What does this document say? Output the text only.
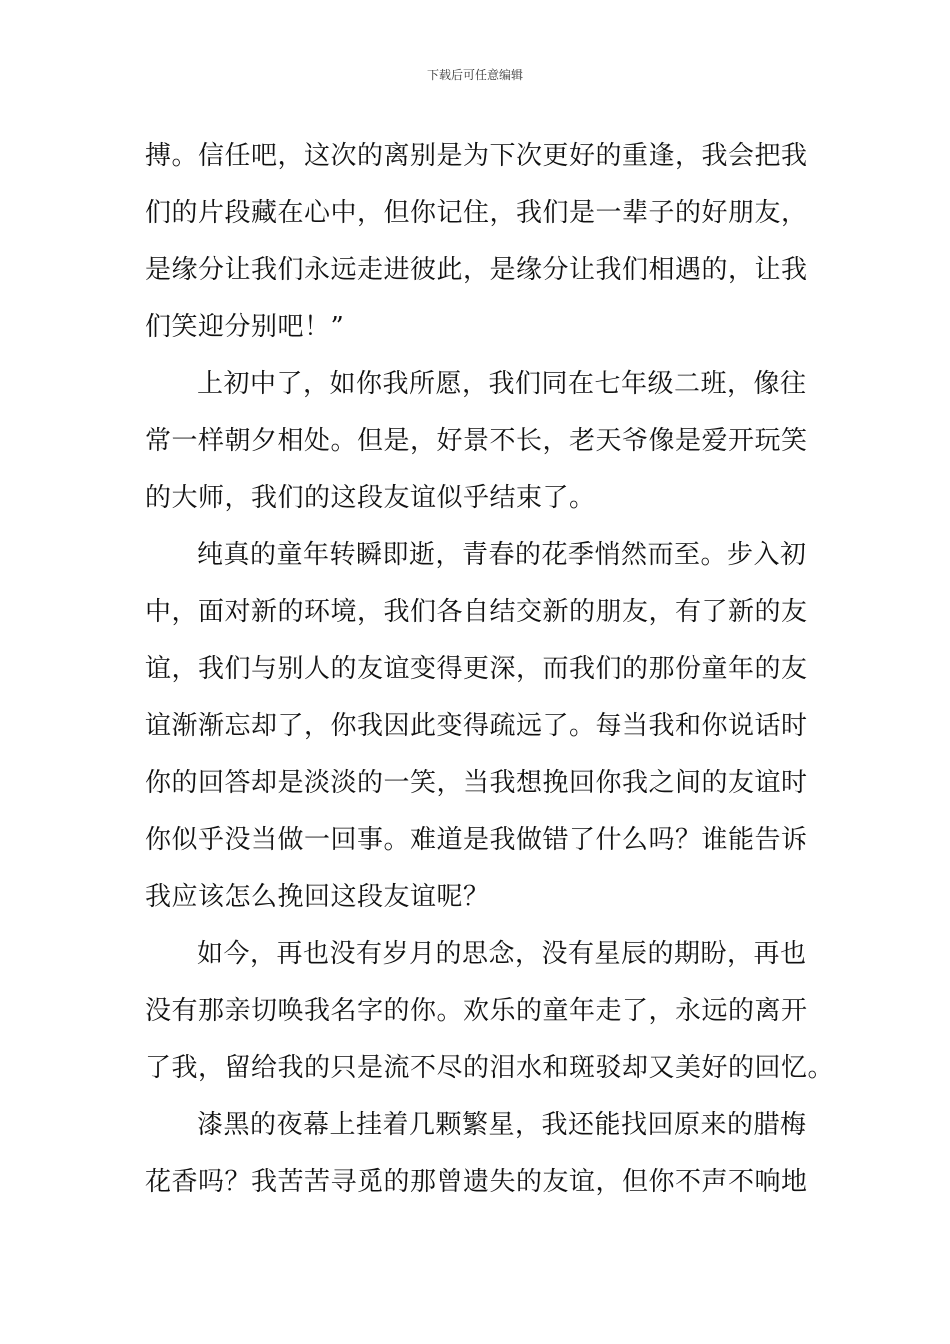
下载后可任意编辑
搏。信任吧，这次的离别是为下次更好的重逢，我会把我
们的片段藏在心中，但你记住，我们是一辈子的好朋友，
是缘分让我们永远走进彼此，是缘分让我们相遇的，让我
们笑迎分别吧！”
上初中了，如你我所愿，我们同在七年级二班，像往
常一样朝夕相处。但是，好景不长，老天爷像是爱开玩笑
的大师，我们的这段友谊似乎结束了。
纯真的童年转瞬即逝，青春的花季悄然而至。步入初
中，面对新的环境，我们各自结交新的朋友，有了新的友
谊，我们与别人的友谊变得更深，而我们的那份童年的友
谊渐渐忘却了，你我因此变得疏远了。每当我和你说话时
你的回答却是淡淡的一笑，当我想挽回你我之间的友谊时
你似乎没当做一回事。难道是我做错了什么吗？谁能告诉
我应该怎么挽回这段友谊呢？
如今，再也没有岁月的思念，没有星辰的期盼，再也
没有那亲切唤我名字的你。欢乐的童年走了，永远的离开
了我，留给我的只是流不尽的泪水和斑驳却又美好的回忆。
漆黑的夜幕上挂着几颗繁星，我还能找回原来的腊梅
花香吗？我苦苦寻觅的那曾遗失的友谊，但你不声不响地
